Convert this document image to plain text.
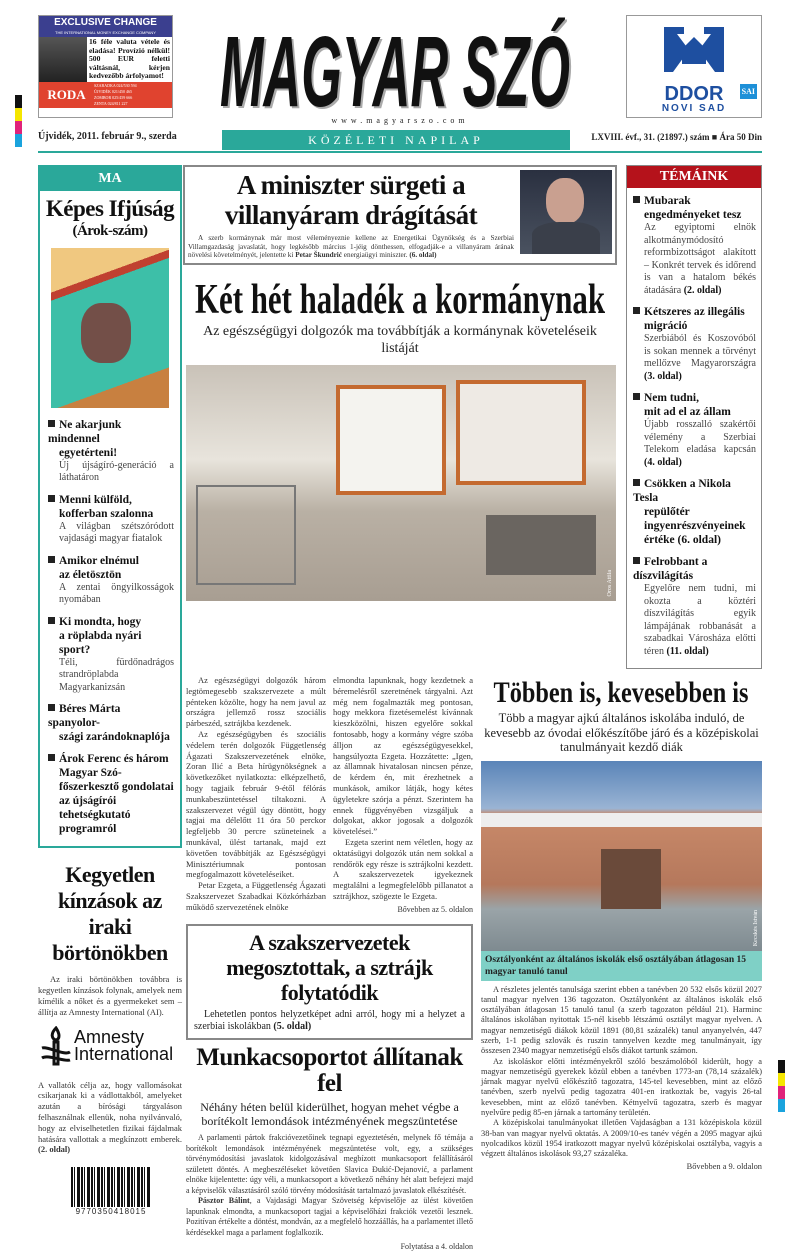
EXCLUSIVE CHANGE
THE INTERNATIONAL MONEY EXCHANGE COMPANY
16 féle valuta vétele és eladása! Provízió nélkül! 500 EUR feletti váltásnál, kérjen kedvezőbb árfolyamot!
RODA
SZABADKA 024/530 594
ÚJVIDÉK 021/450 465
ZOMBOR 025/459 666
ZENTA 024/811 227 MAGYAR SZÓ
MAGYAR SZÓ
www.magyarszo.com
Újvidék, 2011. február 9., szerda	KÖZÉLETI NAPILAP	LXVIII. évf., 31. (21897.) szám ■ Ára 50 Din
DDOR
NOVI SAD
SAI
MA
Képes Ifjúság
(Árok-szám)
Ne akarjunk mindennel
egyetérteni!
Új újságíró-generáció a láthatáron
Menni külföld,
kofferban szalonna
A világban szétszóródott vajdasági magyar fiatalok
Amikor elnémul
az életösztön
A zentai öngyilkosságok nyomában
Ki mondta, hogy
a röplabda nyári sport?
Téli, fürdőnadrágos strandröplabda Magyarkanizsán
Béres Márta spanyolor-
szági zarándoknaplója
Árok Ferenc és három
Magyar Szó-főszerkesztő gondolatai az újságírói tehetségkutató programról
Kegyetlen kínzások az iraki börtönökben
Az iraki börtönökben továbbra is kegyetlen kínzások folynak, amelyek nem kímélik a nőket és a gyermekeket sem – állítja az Amnesty International (AI).
Amnesty
International
A vallatók célja az, hogy vallomásokat csikarjanak ki a vádlottakból, amelyeket azután a bírósági tárgyaláson felhasználnak ellenük, noha nyilvánvaló, hogy az elviselhetetlen fizikai fájdalmak hatására vallottak a megkínzott emberek. (2. oldal)
9770350418015
A miniszter sürgeti a villanyáram drágítását
A szerb kormánynak már most véleményeznie kellene az Energetikai Ügynökség és a Szerbiai Villamgazdaság javaslatát, hogy legkésőbb március 1-jéig dönthessen, elfogadják-e a villanyáram árának növelési követelményét, jelentette ki Petar Škundrić energiaügyi miniszter. (6. oldal)
Két hét haladék a kormánynak
Az egészségügyi dolgozók ma továbbítják a kormánynak követeléseik listáját
Oros Attila
TÉMÁINK
Mubarak
engedményeket tesz
Az egyiptomi elnök alkotmánymódosító reformbizottságot alakított – Konkrét tervek és időrend is van a hatalom békés átadására (2. oldal)
Kétszeres az illegális
migráció
Szerbiából és Koszovóból is sokan mennek a törvényt mellőzve Magyarországra (3. oldal)
Nem tudni,
mit ad el az állam
Újabb rosszalló szakértői vélemény a Szerbiai Telekom eladása kapcsán (4. oldal)
Csökken a Nikola Tesla
repülőtér ingyenrészvényeinek értéke (6. oldal)
Felrobbant a díszvilágítás
Egyelőre nem tudni, mi okozta a köztéri díszvilágítás egyik lámpájának robbanását a szabadkai Városháza előtti téren (11. oldal)

Az egészségügyi dolgozók három legtömegesebb szakszervezete a múlt pénteken közölte, hogy ha nem javul az országra jellemző rossz szociális párbeszéd, sztrájkba kezdenek.

Az egészségügyben és szociális védelem terén dolgozók Függetlenség Ágazati Szakszervezetének elnöke, Zoran Ilić a Beta hírügynökségnek a következőket nyilatkozta: elképzelhető, hogy tagjaik február 9-étől félórás munkabeszüntetéssel tiltakozni. A szakszervezet végül úgy döntött, hogy tagjai ma délelőtt 11 óra 50 perckor legfeljebb 30 percre szüneteinek a munkával, ülést tartanak, majd ezt követően továbbítják az Egészségügyi Minisztériumnak pontosan megfogalmazott követeléseiket.

Petar Ezgeta, a Függetlenség Ágazati Szakszervezet Szabadkai Közkórházban működő szervezetének elnöke

elmondta lapunknak, hogy kezdetnek a béremelésről szeretnének tárgyalni. Azt még nem fogalmazták meg pontosan, hogy mekkora fizetésemelést kívánnak kieszközölni, hiszen egyelőre sokkal fontosabb, hogy a kormány végre szóba álljon az egészségügyesekkel, hangsúlyozta Ezgeta. Hozzátette: „Igen, az államnak hivatalosan nincsen pénze, de kérdem én, mit érezhetnek a munkások, amikor látják, hogy kétes ügyletekre szórja a pénzt. Szerintem ha ennek függvényében vizsgáljuk a dolgokat, akkor jogosak a dolgozók követelései.”

Ezgeta szerint nem véletlen, hogy az oktatásügyi dolgozók után nem sokkal a rendőrök egy része is sztrájkolni kezdett. A szakszervezetek igyekeznek megtalálni a legmegfelelőbb pillanatot a sztrájkhoz, szögezte le Ezgeta.

Bővebben az 5. oldalon
A szakszervezetek megosztottak, a sztrájk folytatódik
Lehetetlen pontos helyzetképet adni arról, hogy mi a helyzet a szerbiai iskolákban (5. oldal)
Munkacsoportot állítanak fel
Néhány héten belül kiderülhet, hogyan mehet végbe a borítékolt lemondások intézményének megszüntetése

A parlamenti pártok frakcióvezetőinek tegnapi egyeztetésén, melynek fő témája a borítékolt lemondások intézményének megszüntetése volt, egy, a szükséges törvénymódosítási javaslatok kidolgozásával megbízott munkacsoport felállításáról született döntés. A megbeszéléseket követően Slavica Đukić-Dejanović, a parlament elnöke kijelentette: úgy véli, a munkacsoport a következő néhány hét alatt befejezi majd a képviselők választásáról szóló törvény módosítását tartalmazó javaslatok elkészítését.

Pásztor Bálint, a Vajdasági Magyar Szövetség képviselője az ülést követően lapunknak elmondta, a munkacsoport tagjai a képviselőházi frakciók vezetői lesznek. Pozitívan értékelte a döntést, mondván, az a megfelelő hozzáállás, ha a parlamentet illető kérdésekkel maga a parlament foglalkozik.

Folytatása a 4. oldalon
Többen is, kevesebben is
Több a magyar ajkú általános iskolába induló, de kevesebb az óvodai előkészítőbe járó és a középiskolai tanulmányait kezdő diák
Kecskés István
Osztályonként az általános iskolák első osztályában átlagosan 15 magyar tanuló tanul

A részletes jelentés tanulsága szerint ebben a tanévben 20 532 elsős közül 2027 tanul magyar nyelven 136 tagozaton. Osztályonként az általános iskolák első osztályában átlagosan 15 tanuló tanul (a szerb tagozaton például 21). Harminc általános iskolában nyitottak 15-nél kisebb létszámú osztályt magyar nyelven. A magyar nemzetiségű diákok közül 1891 (80,81 százalék) tanul anyanyelvén, 447 szerb, 1-1 pedig szlovák és ruszin tannyelven kezdte meg tanulmányait, így összesen 2340 magyar nemzetiségű elsős diákot tartunk számon.

Az iskoláskor előtti intézményekről szóló beszámolóból kiderült, hogy a magyar nemzetiségű gyerekek közül ebben a tanévben 1773-an (78,14 százalék) járnak magyar nyelvű előkészítő tagozatra, 145-tel kevesebben, mint az előző tanévben, szerb nyelvű pedig tagozatra 401-en iratkoztak be, vagyis 26-tal kevesebben, mint az előző tanévben. Kétnyelvű tagozatra, szerb és magyar nyelvűre pedig 85-en járnak a tartomány területén.

A középiskolai tanulmányokat illetően Vajdaságban a 131 középiskola közül 38-ban van magyar nyelvű oktatás. A 2009/10-es tanév végén a 2095 magyar ajkú nyolcadikos közül 1954 iratkozott magyar nyelvű középiskolai osztályba, vagyis a végzett általános iskolások 93,27 százaléka.

Bővebben a 9. oldalon
